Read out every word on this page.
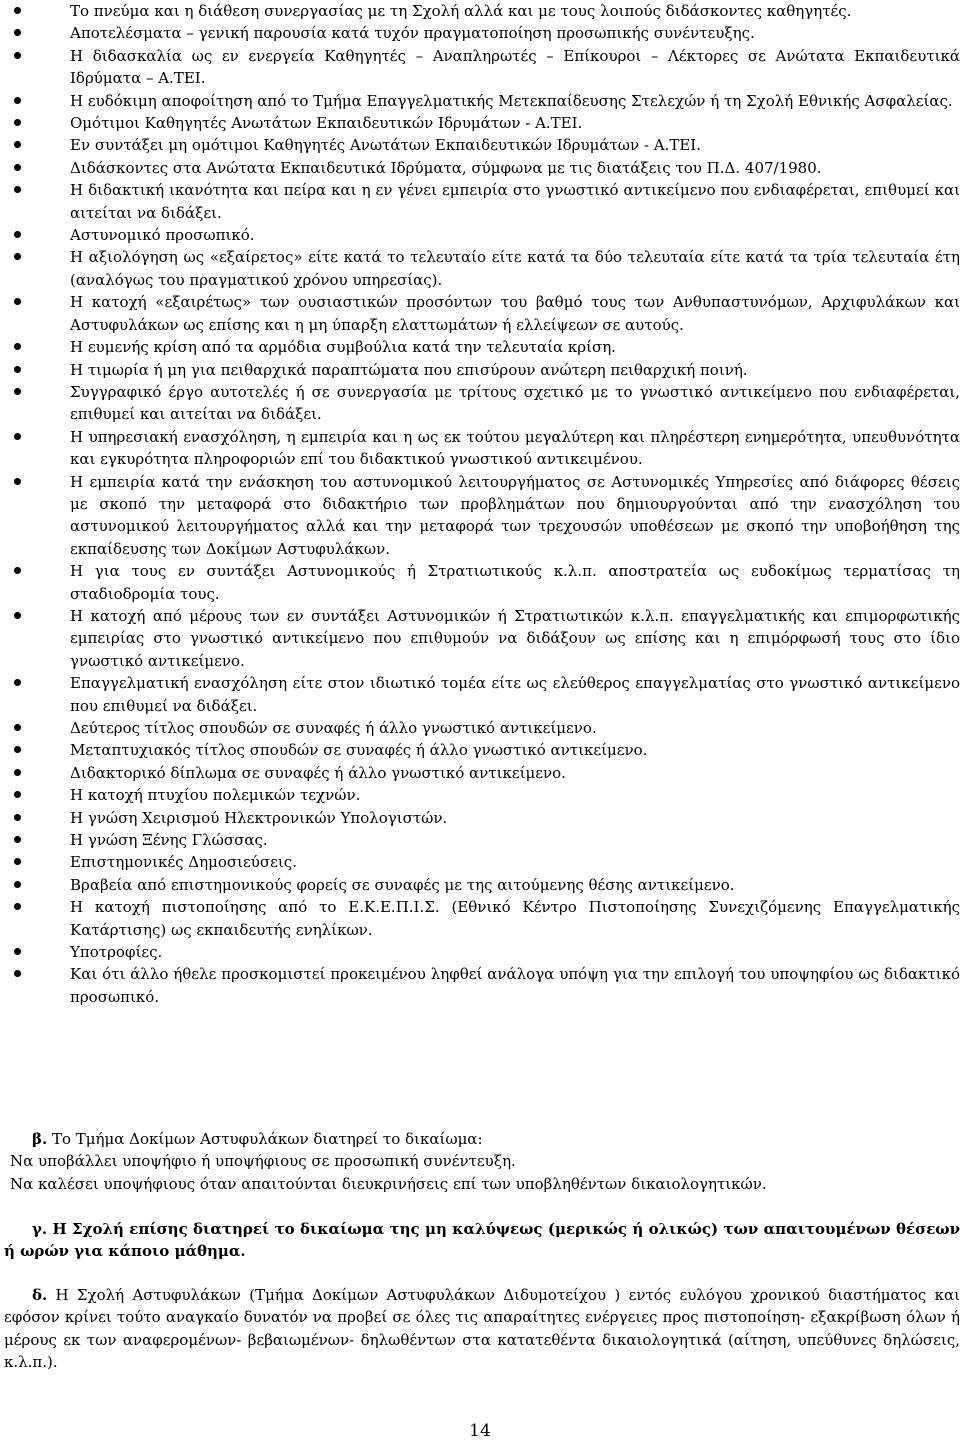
Το πνεύμα και η διάθεση συνεργασίας με τη Σχολή αλλά και με τους λοιπούς διδάσκοντες καθηγητές.
Αποτελέσματα – γενική παρουσία κατά τυχόν πραγματοποίηση προσωπικής συνέντευξης.
Η διδασκαλία ως εν ενεργεία Καθηγητές – Αναπληρωτές – Επίκουροι – Λέκτορες σε Ανώτατα Εκπαιδευτικά Ιδρύματα – Α.ΤΕΙ.
Η ευδόκιμη αποφοίτηση από το Τμήμα Επαγγελματικής Μετεκπαίδευσης Στελεχών ή τη Σχολή Εθνικής Ασφαλείας.
Ομότιμοι Καθηγητές Ανωτάτων Εκπαιδευτικών Ιδρυμάτων - Α.ΤΕΙ.
Εν συντάξει μη ομότιμοι Καθηγητές Ανωτάτων Εκπαιδευτικών Ιδρυμάτων - Α.ΤΕΙ.
Διδάσκοντες στα Ανώτατα Εκπαιδευτικά Ιδρύματα, σύμφωνα με τις διατάξεις του Π.Δ. 407/1980.
Η διδακτική ικανότητα και πείρα και η εν γένει εμπειρία στο γνωστικό αντικείμενο που ενδιαφέρεται, επιθυμεί και αιτείται να διδάξει.
Αστυνομικό προσωπικό.
Η αξιολόγηση ως «εξαίρετος» είτε κατά το τελευταίο είτε κατά τα δύο τελευταία είτε κατά τα τρία τελευταία έτη (αναλόγως του πραγματικού χρόνου υπηρεσίας).
Η κατοχή «εξαιρέτως» των ουσιαστικών προσόντων του βαθμό τους των Ανθυπαστυνόμων, Αρχιφυλάκων και Αστυφυλάκων ως επίσης και η μη ύπαρξη ελαττωμάτων ή ελλείψεων σε αυτούς.
Η ευμενής κρίση από τα αρμόδια συμβούλια κατά την τελευταία κρίση.
Η τιμωρία ή μη για πειθαρχικά παραπτώματα που επισύρουν ανώτερη πειθαρχική ποινή.
Συγγραφικό έργο αυτοτελές ή σε συνεργασία με τρίτους σχετικό με το γνωστικό αντικείμενο που ενδιαφέρεται, επιθυμεί και αιτείται να διδάξει.
Η υπηρεσιακή ενασχόληση, η εμπειρία και η ως εκ τούτου μεγαλύτερη και πληρέστερη ενημερότητα, υπευθυνότητα και εγκυρότητα πληροφοριών επί του διδακτικού γνωστικού αντικειμένου.
Η εμπειρία κατά την ενάσκηση του αστυνομικού λειτουργήματος σε Αστυνομικές Υπηρεσίες από διάφορες θέσεις με σκοπό την μεταφορά στο διδακτήριο των προβλημάτων που δημιουργούνται από την ενασχόληση του αστυνομικού λειτουργήματος αλλά και την μεταφορά των τρεχουσών υποθέσεων με σκοπό την υποβοήθηση της εκπαίδευσης των Δοκίμων Αστυφυλάκων.
Η για τους εν συντάξει Αστυνομικούς ή Στρατιωτικούς κ.λ.π. αποστρατεία ως ευδοκίμως τερματίσας τη σταδιοδρομία τους.
Η κατοχή από μέρους των εν συντάξει Αστυνομικών ή Στρατιωτικών κ.λ.π. επαγγελματικής και επιμορφωτικής εμπειρίας στο γνωστικό αντικείμενο που επιθυμούν να διδάξουν ως επίσης και η επιμόρφωσή τους στο ίδιο γνωστικό αντικείμενο.
Επαγγελματική ενασχόληση είτε στον ιδιωτικό τομέα είτε ως ελεύθερος επαγγελματίας στο γνωστικό αντικείμενο που επιθυμεί να διδάξει.
Δεύτερος τίτλος σπουδών σε συναφές ή άλλο γνωστικό αντικείμενο.
Μεταπτυχιακός τίτλος σπουδών σε συναφές ή άλλο γνωστικό αντικείμενο.
Διδακτορικό δίπλωμα σε συναφές ή άλλο γνωστικό αντικείμενο.
Η κατοχή πτυχίου πολεμικών τεχνών.
Η γνώση Χειρισμού Ηλεκτρονικών Υπολογιστών.
Η γνώση Ξένης Γλώσσας.
Επιστημονικές Δημοσιεύσεις.
Βραβεία από επιστημονικούς φορείς σε συναφές με της αιτούμενης θέσης αντικείμενο.
Η κατοχή πιστοποίησης από το Ε.Κ.Ε.Π.Ι.Σ. (Εθνικό Κέντρο Πιστοποίησης Συνεχιζόμενης Επαγγελματικής Κατάρτισης) ως εκπαιδευτής ενηλίκων.
Υποτροφίες.
Και ότι άλλο ήθελε προσκομιστεί προκειμένου ληφθεί ανάλογα υπόψη για την επιλογή του υποψηφίου ως διδακτικό προσωπικό.

β. Το Τμήμα Δοκίμων Αστυφυλάκων διατηρεί το δικαίωμα:

Να υποβάλλει υποψήφιο ή υποψήφιους σε προσωπική συνέντευξη.

Να καλέσει υποψήφιους όταν απαιτούνται διευκρινήσεις επί των υποβληθέντων δικαιολογητικών.

γ. Η Σχολή επίσης διατηρεί το δικαίωμα της μη καλύψεως (μερικώς ή ολικώς) των απαιτουμένων θέσεων ή ωρών για κάποιο μάθημα.

δ. Η Σχολή Αστυφυλάκων (Τμήμα Δοκίμων Αστυφυλάκων Διδυμοτείχου ) εντός ευλόγου χρονικού διαστήματος και εφόσον κρίνει τούτο αναγκαίο δυνατόν να προβεί σε όλες τις απαραίτητες ενέργειες προς πιστοποίηση- εξακρίβωση όλων ή μέρους εκ των αναφερομένων- βεβαιωμένων- δηλωθέντων στα κατατεθέντα δικαιολογητικά (αίτηση, υπεύθυνες δηλώσεις, κ.λ.π.).

14
